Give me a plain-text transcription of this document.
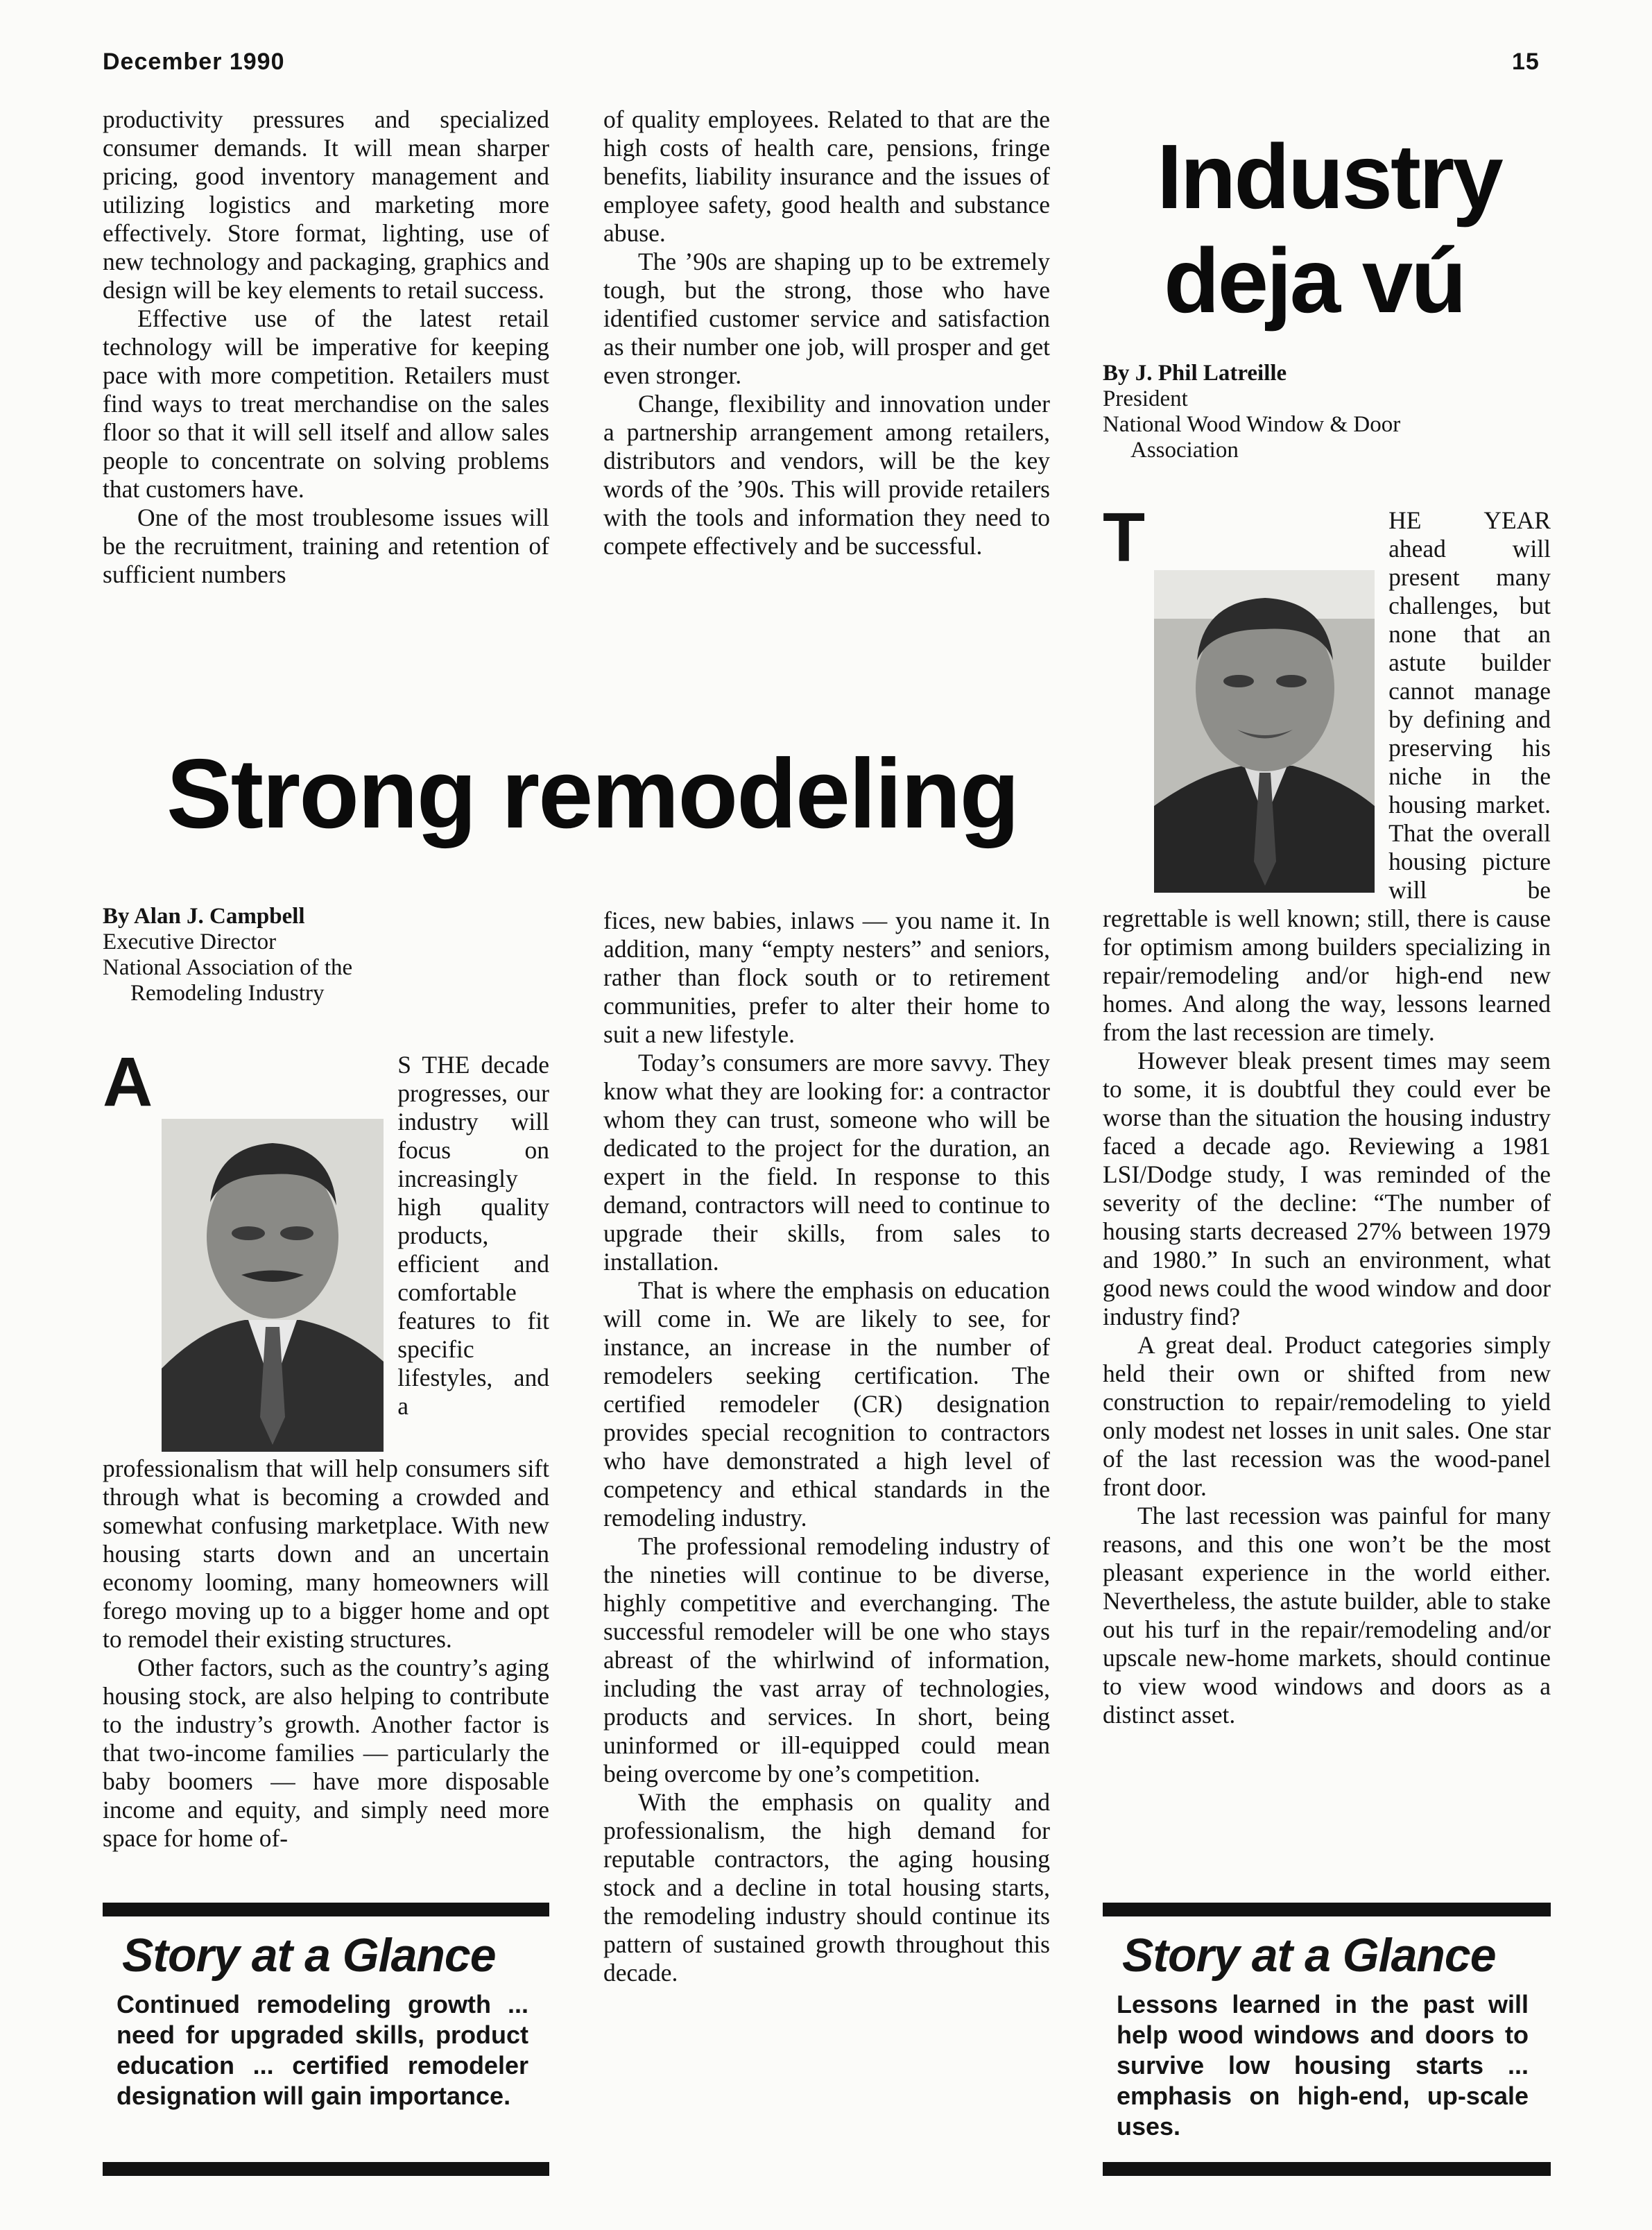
December 1990	15

productivity pressures and specialized consumer demands. It will mean sharper pricing, good inventory management and utilizing logistics and marketing more effectively. Store format, lighting, use of new technology and packaging, graphics and design will be key elements to retail success.

Effective use of the latest retail technology will be imperative for keeping pace with more competition. Retailers must find ways to treat merchandise on the sales floor so that it will sell itself and allow sales people to concentrate on solving problems that customers have.

One of the most troublesome issues will be the recruitment, training and retention of sufficient numbers

of quality employees. Related to that are the high costs of health care, pensions, fringe benefits, liability insurance and the issues of employee safety, good health and substance abuse.

The ’90s are shaping up to be extremely tough, but the strong, those who have identified customer service and satisfaction as their number one job, will prosper and get even stronger.

Change, flexibility and innovation under a partnership arrangement among retailers, distributors and vendors, will be the key words of the ’90s. This will provide retailers with the tools and information they need to compete effectively and be successful.

Strong remodeling
By Alan J. Campbell
Executive Director
National Association of the
Remodeling Industry

A	S THE decade progresses, our industry will focus on increasingly high quality products, efficient and comfortable features to fit specific lifestyles, and a professionalism that will help consumers sift through what is becoming a crowded and somewhat confusing marketplace. With new housing starts down and an uncertain economy looming, many homeowners will forego moving up to a bigger home and opt to remodel their existing structures.

Other factors, such as the country’s aging housing stock, are also helping to contribute to the industry’s growth. Another factor is that two-income families — particularly the baby boomers — have more disposable income and equity, and simply need more space for home of-

fices, new babies, inlaws — you name it. In addition, many “empty nesters” and seniors, rather than flock south or to retirement communities, prefer to alter their home to suit a new lifestyle.

Today’s consumers are more savvy. They know what they are looking for: a contractor whom they can trust, someone who will be dedicated to the project for the duration, an expert in the field. In response to this demand, contractors will need to continue to upgrade their skills, from sales to installation.

That is where the emphasis on education will come in. We are likely to see, for instance, an increase in the number of remodelers seeking certification. The certified remodeler (CR) designation provides special recognition to contractors who have demonstrated a high level of competency and ethical standards in the remodeling industry.

The professional remodeling industry of the nineties will continue to be diverse, highly competitive and everchanging. The successful remodeler will be one who stays abreast of the whirlwind of information, including the vast array of technologies, products and services. In short, being uninformed or ill-equipped could mean being overcome by one’s competition.

With the emphasis on quality and professionalism, the high demand for reputable contractors, the aging housing stock and a decline in total housing starts, the remodeling industry should continue its pattern of sustained growth throughout this decade.

Story at a Glance
Continued remodeling growth ... need for upgraded skills, product education ... certified remodeler designation will gain importance.
Industry
deja vú
By J. Phil Latreille
President
National Wood Window & Door
Association

T	HE YEAR ahead will present many challenges, but none that an astute builder cannot manage by defining and preserving his niche in the housing market. That the overall housing picture will be regrettable is well known; still, there is cause for optimism among builders specializing in repair/remodeling and/or high-end new homes. And along the way, lessons learned from the last recession are timely.

However bleak present times may seem to some, it is doubtful they could ever be worse than the situation the housing industry faced a decade ago. Reviewing a 1981 LSI/Dodge study, I was reminded of the severity of the decline: “The number of housing starts decreased 27% between 1979 and 1980.” In such an environment, what good news could the wood window and door industry find?

A great deal. Product categories simply held their own or shifted from new construction to repair/remodeling to yield only modest net losses in unit sales. One star of the last recession was the wood-panel front door.

The last recession was painful for many reasons, and this one won’t be the most pleasant experience in the world either. Nevertheless, the astute builder, able to stake out his turf in the repair/remodeling and/or upscale new-home markets, should continue to view wood windows and doors as a distinct asset.

Story at a Glance
Lessons learned in the past will help wood windows and doors to survive low housing starts ... emphasis on high-end, up-scale uses.
